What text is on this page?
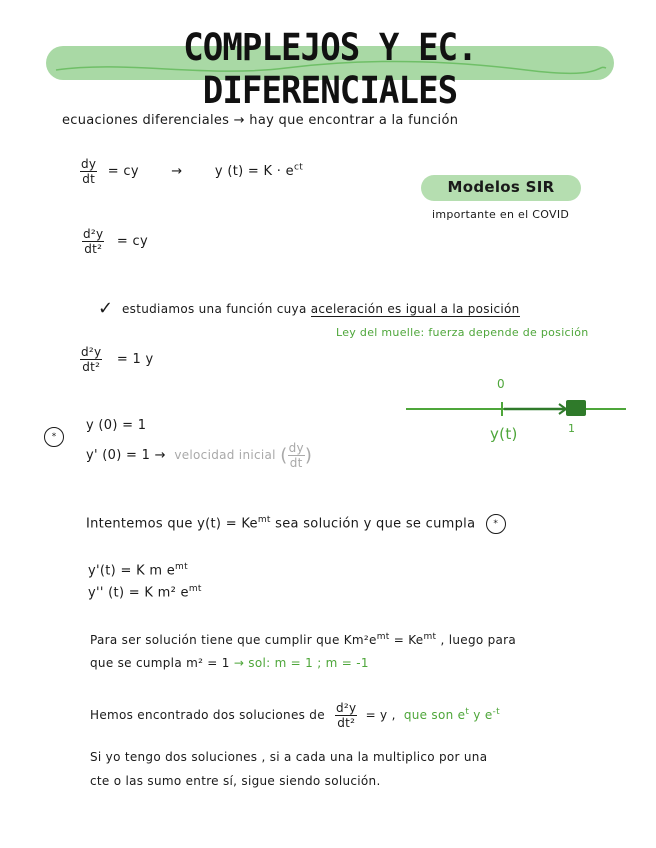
COMPLEJOS Y EC. DIFERENCIALES
ecuaciones diferenciales → hay que encontrar a la función
$\frac{dy}{dt}$ = cy → y $(t) = K \cdot e^{ct}$
Modelos SIR
importante en el COVID
$\frac{\text{d²y}}{\text{dt²}}$ = cy
✓ estudiamos una función cuya aceleración es igual a la posición
Ley del muelle: fuerza depende de posición
$\frac{\text{d²y}}{\text{dt²}} = 1$ y
0
y(t)	1
*
y (0) = 1
y' (0) = 1 → velocidad inicial ( $\frac{dy}{dt}$ )
Intentemos que $y(t) = Ke^{mt}$ sea solución y que se cumpla *
y'(t) = K m $e^{mt}$
y'' (t) = K m² $e^{mt}$
Para ser solución tiene que cumplir que $Km^2e^{mt} = Ke^{mt}$ , luego para
que se cumpla m² = 1 → sol: m = 1 ; m = -1
Hemos encontrado dos soluciones de $\frac{\text{d²y}}{\text{dt²}} = y$ , que son $e^t$ y $e^{-t}$
Si yo tengo dos soluciones , si a cada una la multiplico por una
cte o las sumo entre sí, sigue siendo solución.
